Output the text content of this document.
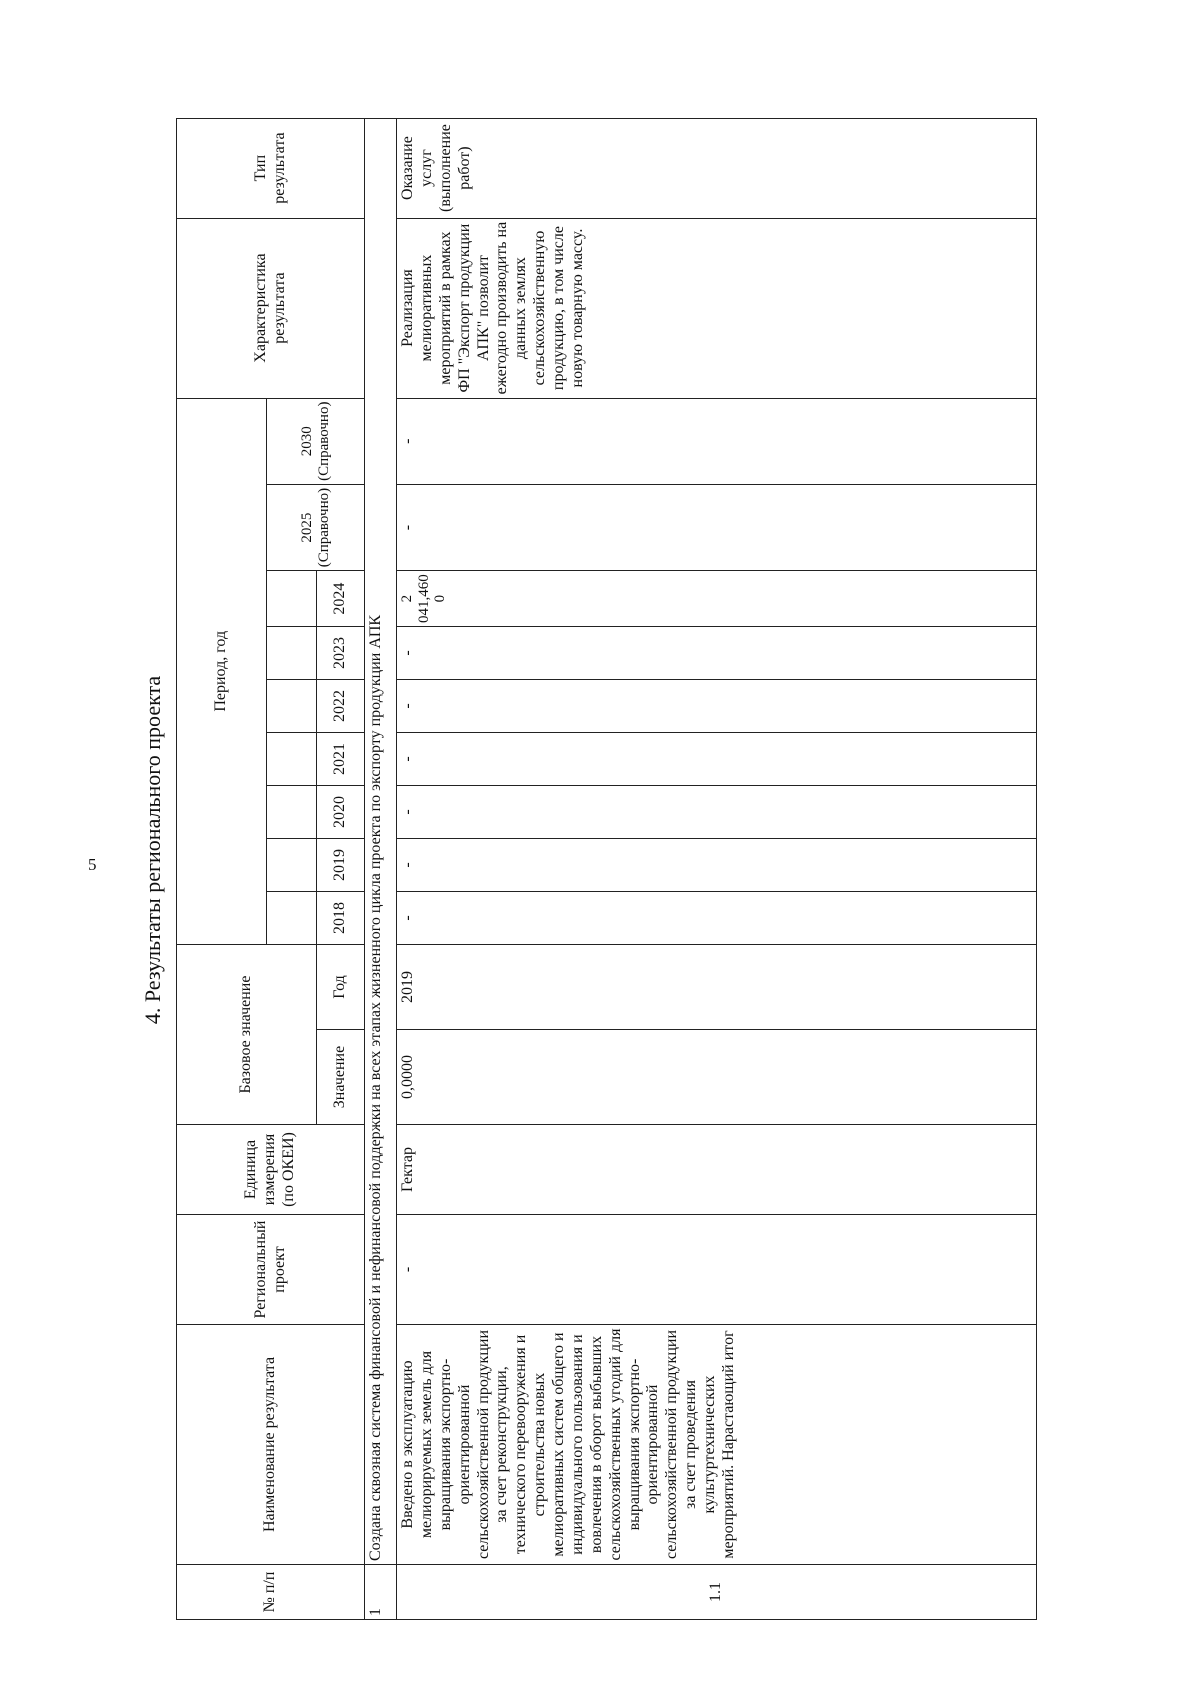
5 4. Результаты регионального проекта
№ п/п	Наименование результата	Региональный проект	Единица измерения (по ОКЕИ)	Базовое значение		Период, год									Характеристика результата	Тип результата
													2025 (Справочно)	2030 (Справочно)		
				Значение	Год	2018	2019	2020	2021	2022	2023	2024				
1	Создана сквозная система финансовой и нефинансовой поддержки на всех этапах жизненного цикла проекта по экспорту продукции АПК															
1.1	Введено в эксплуатацию мелиорируемых земель для выращивания экспортно-ориентированной сельскохозяйственной продукции за счет реконструкции, технического перевооружения и строительства новых мелиоративных систем общего и индивидуального пользования и вовлечения в оборот выбывших сельскохозяйственных угодий для выращивания экспортно-ориентированной сельскохозяйственной продукции за счет проведения культуртехнических мероприятий. Нарастающий итог	-	Гектар	0,0000	2019	-	-	-	-	-	-	2 041,460 0	-	-	Реализация мелиоративных мероприятий в рамках ФП "Экспорт продукции АПК" позволит ежегодно производить на данных землях сельскохозяйственную продукцию, в том числе новую товарную массу.	Оказание услуг (выполнение работ)
